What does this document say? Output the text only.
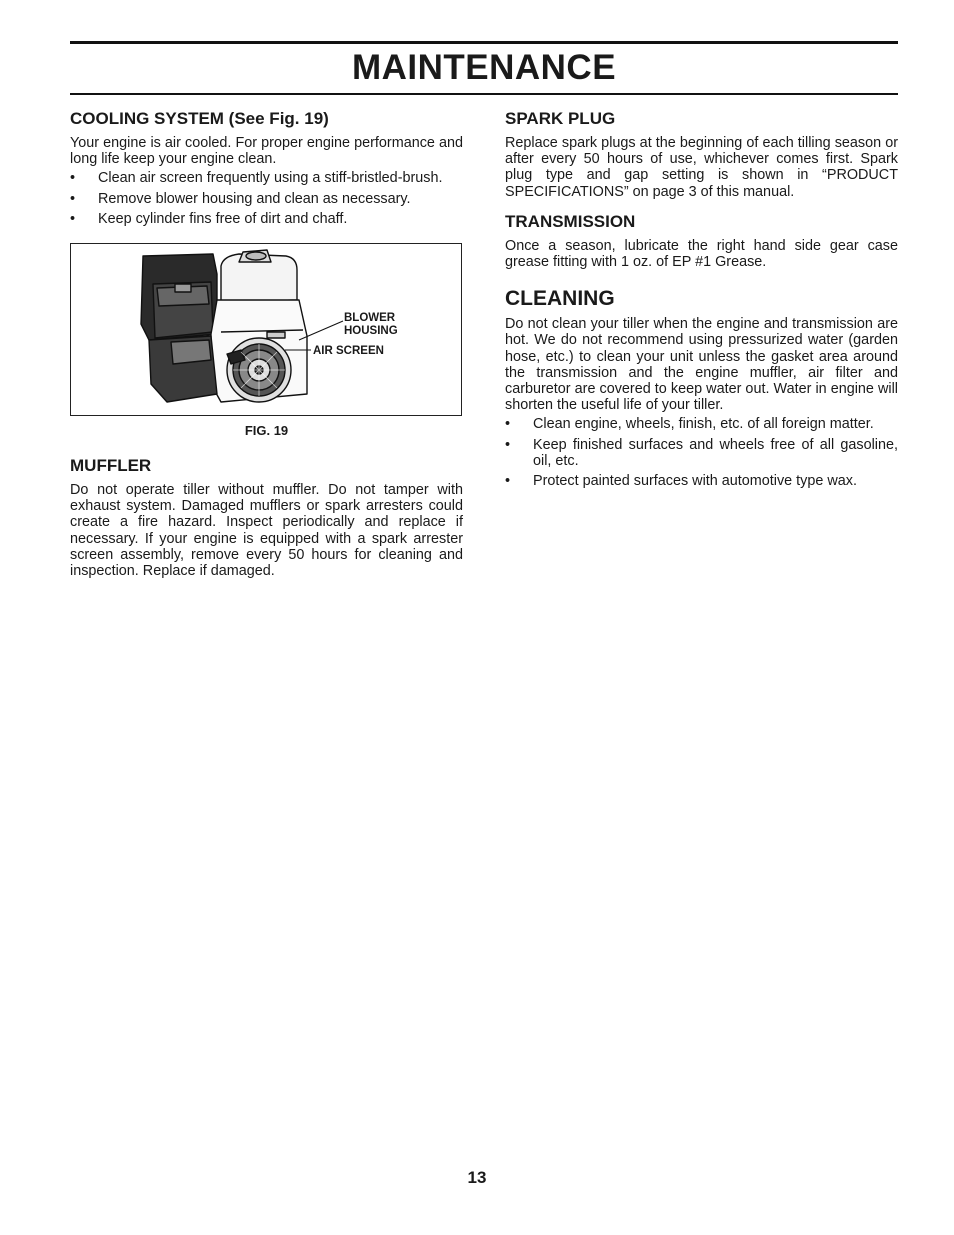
MAINTENANCE
COOLING SYSTEM (See Fig. 19)

Your engine is air cooled. For proper engine performance and long life keep your engine clean.

• Clean air screen frequently using a stiff-bristled-brush.
• Remove blower housing and clean as necessary.
• Keep cylinder fins free of dirt and chaff.
BLOWER HOUSING
AIR SCREEN

FIG. 19

MUFFLER

Do not operate tiller without muffler. Do not tamper with exhaust system. Damaged mufflers or spark arresters could create a fire hazard. Inspect periodically and replace if necessary. If your engine is equipped with a spark arrester screen assembly, remove every 50 hours for cleaning and inspection. Replace if damaged.

SPARK PLUG

Replace spark plugs at the beginning of each tilling season or after every 50 hours of use, whichever comes first. Spark plug type and gap setting is shown in “PRODUCT SPECIFICATIONS” on page 3 of this manual.

TRANSMISSION

Once a season, lubricate the right hand side gear case grease fitting with 1 oz. of EP #1 Grease.

CLEANING

Do not clean your tiller when the engine and transmission are hot. We do not recommend using pressurized water (garden hose, etc.) to clean your unit unless the gasket area around the transmission and the engine muffler, air filter and carburetor are covered to keep water out. Water in engine will shorten the useful life of your tiller.

• Clean engine, wheels, finish, etc. of all foreign matter.
• Keep finished surfaces and wheels free of all gasoline, oil, etc.
• Protect painted surfaces with automotive type wax.
13
